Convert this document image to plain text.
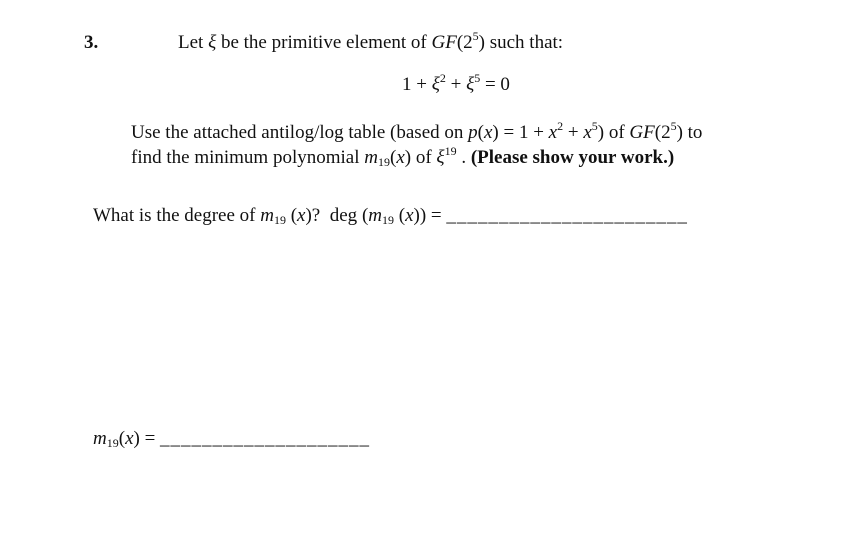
3.	Let ξ be the primitive element of $GF(2^5)$ such that:
$1 + \xi^2 + \xi^5 = 0$
Use the attached antilog/log table (based on $p(x) = 1 + x^2 + x^5$) of $GF(2^5)$ to
find the minimum polynomial $m_{19}(x)$ of $\xi^{19}$ . (Please show your work.)
What is the degree of $m_{19}$ (x)? deg ($m_{19}$ (x)) = _______________________
$m_{19}(x)$ = ____________________
